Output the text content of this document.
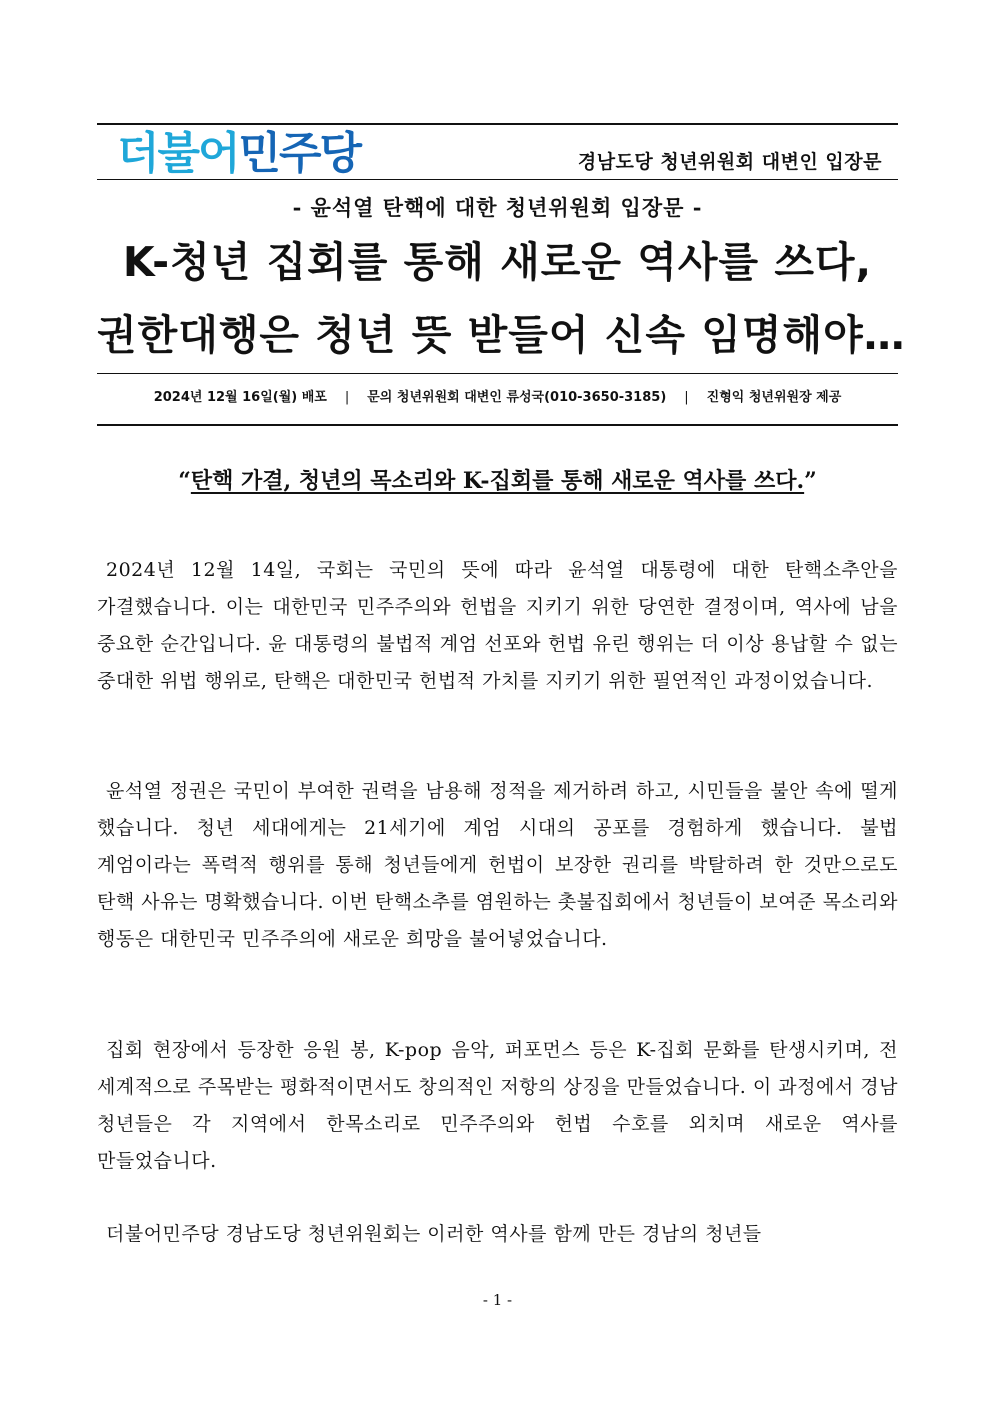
더불어민주당	경남도당 청년위원회 대변인 입장문
- 윤석열 탄핵에 대한 청년위원회 입장문 -
K-청년 집회를 통해 새로운 역사를 쓰다,
권한대행은 청년 뜻 받들어 신속 임명해야…
2024년 12월 16일(월) 배포 | 문의 청년위원회 대변인 류성국(010-3650-3185) | 진형익 청년위원장 제공
“탄핵 가결, 청년의 목소리와 K-집회를 통해 새로운 역사를 쓰다.”

2024년 12월 14일, 국회는 국민의 뜻에 따라 윤석열 대통령에 대한 탄핵소추안을 가결했습니다. 이는 대한민국 민주주의와 헌법을 지키기 위한 당연한 결정이며, 역사에 남을 중요한 순간입니다. 윤 대통령의 불법적 계엄 선포와 헌법 유린 행위는 더 이상 용납할 수 없는 중대한 위법 행위로, 탄핵은 대한민국 헌법적 가치를 지키기 위한 필연적인 과정이었습니다.

윤석열 정권은 국민이 부여한 권력을 남용해 정적을 제거하려 하고, 시민들을 불안 속에 떨게 했습니다. 청년 세대에게는 21세기에 계엄 시대의 공포를 경험하게 했습니다. 불법 계엄이라는 폭력적 행위를 통해 청년들에게 헌법이 보장한 권리를 박탈하려 한 것만으로도 탄핵 사유는 명확했습니다. 이번 탄핵소추를 염원하는 촛불집회에서 청년들이 보여준 목소리와 행동은 대한민국 민주주의에 새로운 희망을 불어넣었습니다.

집회 현장에서 등장한 응원 봉, K-pop 음악, 퍼포먼스 등은 K-집회 문화를 탄생시키며, 전 세계적으로 주목받는 평화적이면서도 창의적인 저항의 상징을 만들었습니다. 이 과정에서 경남 청년들은 각 지역에서 한목소리로 민주주의와 헌법 수호를 외치며 새로운 역사를 만들었습니다.

더불어민주당 경남도당 청년위원회는 이러한 역사를 함께 만든 경남의 청년들

- 1 -
